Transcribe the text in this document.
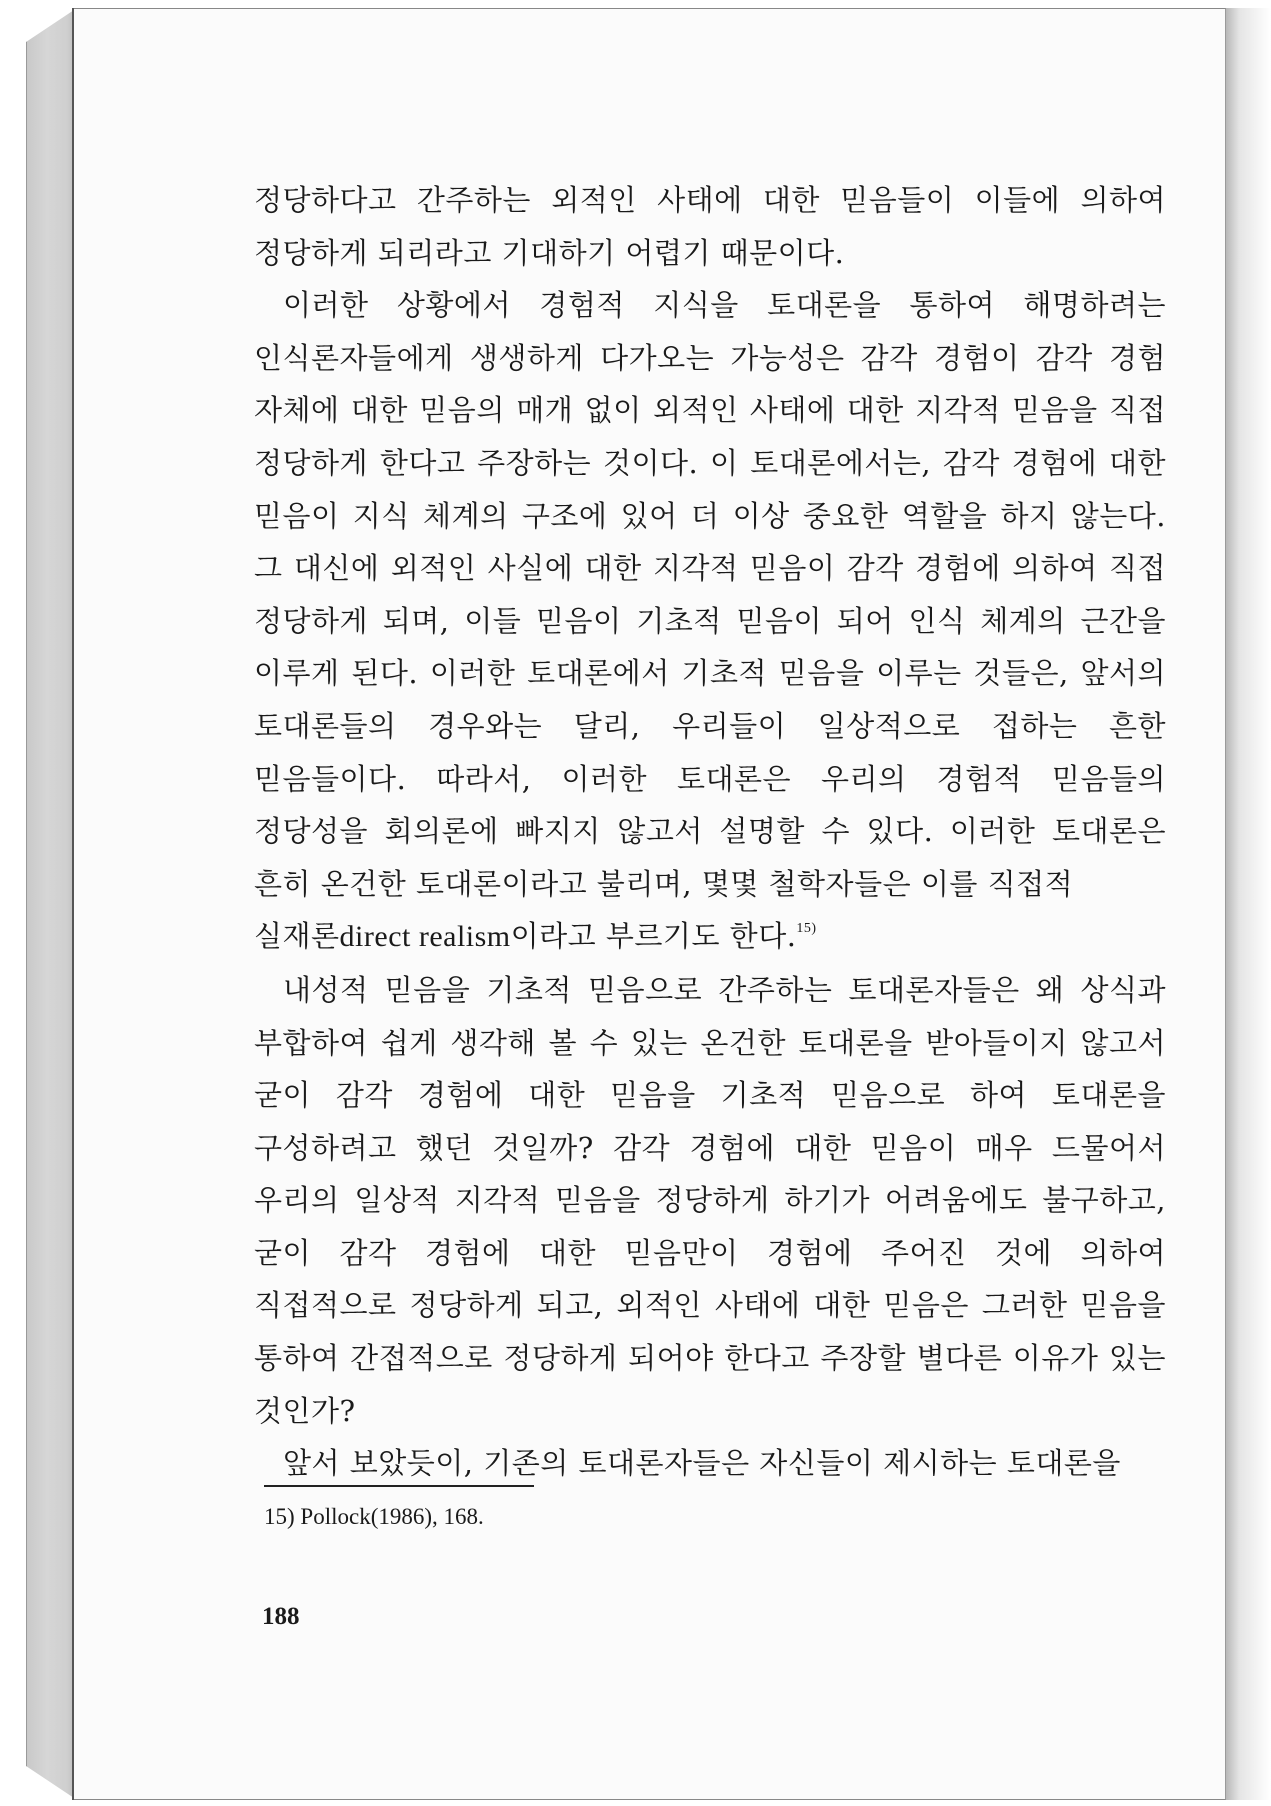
정당하다고 간주하는 외적인 사태에 대한 믿음들이 이들에 의하여 정당하게 되리라고 기대하기 어렵기 때문이다.

이러한 상황에서 경험적 지식을 토대론을 통하여 해명하려는 인식론자들에게 생생하게 다가오는 가능성은 감각 경험이 감각 경험 자체에 대한 믿음의 매개 없이 외적인 사태에 대한 지각적 믿음을 직접 정당하게 한다고 주장하는 것이다. 이 토대론에서는, 감각 경험에 대한 믿음이 지식 체계의 구조에 있어 더 이상 중요한 역할을 하지 않는다. 그 대신에 외적인 사실에 대한 지각적 믿음이 감각 경험에 의하여 직접 정당하게 되며, 이들 믿음이 기초적 믿음이 되어 인식 체계의 근간을 이루게 된다. 이러한 토대론에서 기초적 믿음을 이루는 것들은, 앞서의 토대론들의 경우와는 달리, 우리들이 일상적으로 접하는 흔한 믿음들이다. 따라서, 이러한 토대론은 우리의 경험적 믿음들의 정당성을 회의론에 빠지지 않고서 설명할 수 있다. 이러한 토대론은 흔히 온건한 토대론이라고 불리며, 몇몇 철학자들은 이를 직접적
실재론direct realism이라고 부르기도 한다.$^{15)}$

내성적 믿음을 기초적 믿음으로 간주하는 토대론자들은 왜 상식과 부합하여 쉽게 생각해 볼 수 있는 온건한 토대론을 받아들이지 않고서 굳이 감각 경험에 대한 믿음을 기초적 믿음으로 하여 토대론을 구성하려고 했던 것일까? 감각 경험에 대한 믿음이 매우 드물어서 우리의 일상적 지각적 믿음을 정당하게 하기가 어려움에도 불구하고, 굳이 감각 경험에 대한 믿음만이 경험에 주어진 것에 의하여 직접적으로 정당하게 되고, 외적인 사태에 대한 믿음은 그러한 믿음을 통하여 간접적으로 정당하게 되어야 한다고 주장할 별다른 이유가 있는 것인가?

앞서 보았듯이, 기존의 토대론자들은 자신들이 제시하는 토대론을

15) Pollock(1986), 168.
188
